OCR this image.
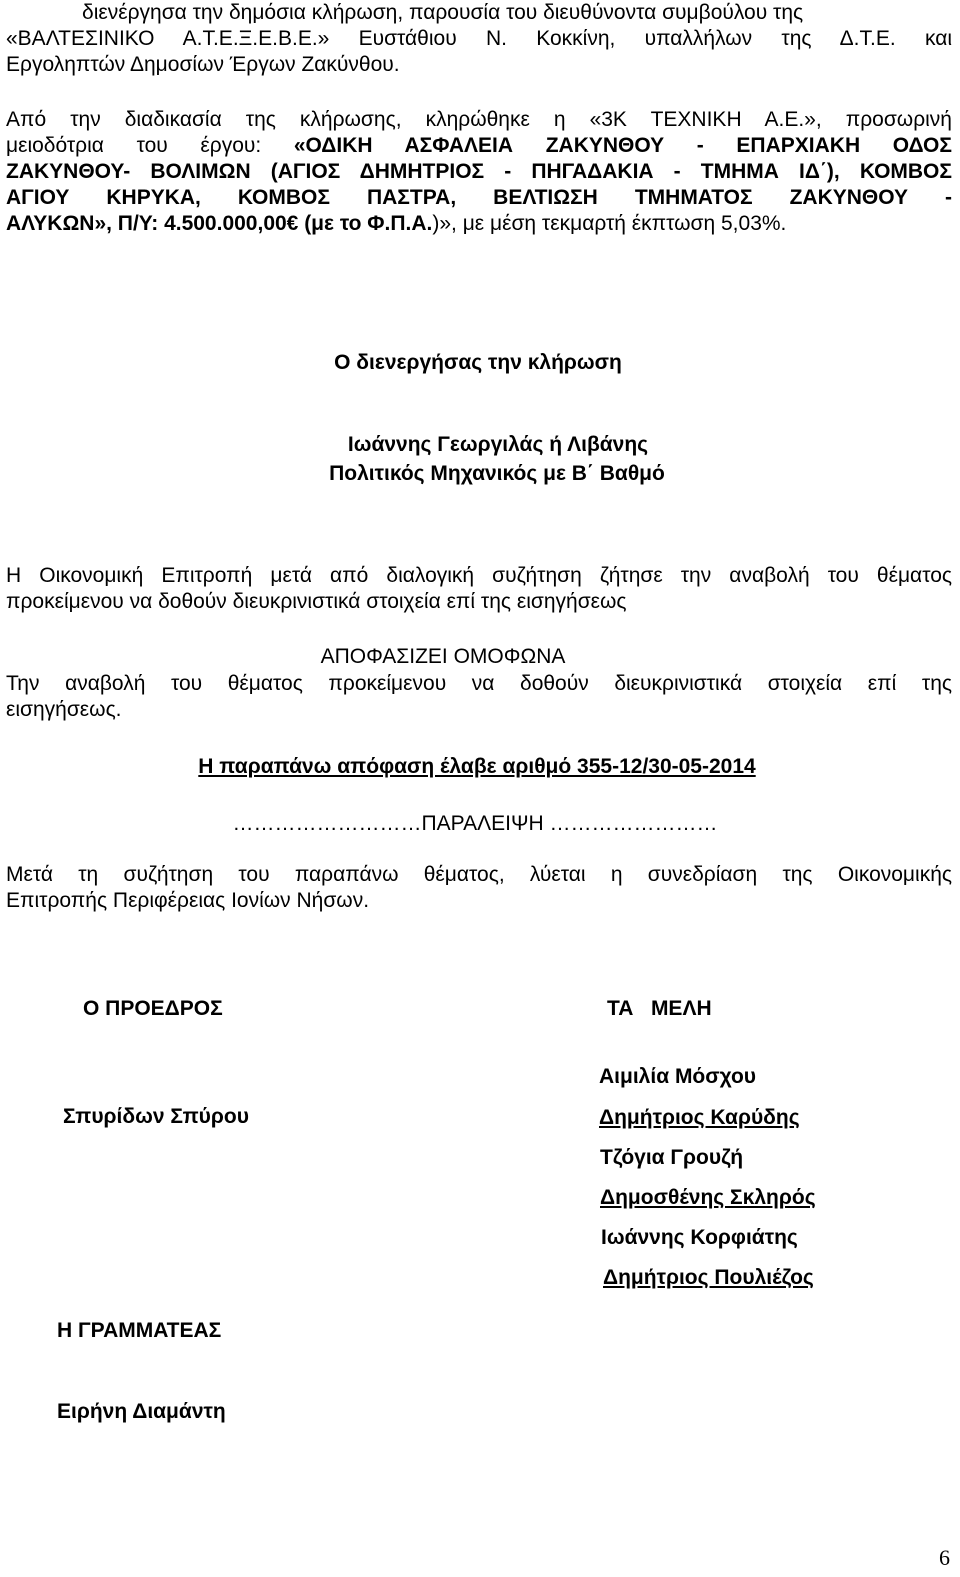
διενέργησα την δημόσια κλήρωση, παρουσία του διευθύνοντα συμβούλου της
«ΒΑΛΤΕΣΙΝΙΚΟ Α.Τ.Ε.Ξ.Ε.Β.Ε.» Ευστάθιου Ν. Κοκκίνη, υπαλλήλων της Δ.Τ.Ε. και
Εργοληπτών Δημοσίων Έργων Ζακύνθου.
Από την διαδικασία της κλήρωσης, κληρώθηκε η «3Κ ΤΕΧΝΙΚΗ Α.Ε.», προσωρινή
μειοδότρια του έργου: «ΟΔΙΚΗ ΑΣΦΑΛΕΙΑ ΖΑΚΥΝΘΟΥ - ΕΠΑΡΧΙΑΚΗ ΟΔΟΣ
ΖΑΚΥΝΘΟΥ- ΒΟΛΙΜΩΝ (ΑΓΙΟΣ ΔΗΜΗΤΡΙΟΣ - ΠΗΓΑΔΑΚΙΑ - ΤΜΗΜΑ ΙΔ΄), ΚΟΜΒΟΣ
ΑΓΙΟΥ ΚΗΡΥΚΑ, ΚΟΜΒΟΣ ΠΑΣΤΡΑ, ΒΕΛΤΙΩΣΗ ΤΜΗΜΑΤΟΣ ΖΑΚΥΝΘΟΥ -
ΑΛΥΚΩΝ», Π/Υ: 4.500.000,00€ (με το Φ.Π.Α.)», με μέση τεκμαρτή έκπτωση 5,03%.
Ο διενεργήσας την κλήρωση
Ιωάννης Γεωργιλάς ή Λιβάνης
Πολιτικός Μηχανικός με Β΄ Βαθμό
Η Οικονομική Επιτροπή μετά από διαλογική συζήτηση ζήτησε την αναβολή του θέματος
προκείμενου να δοθούν διευκρινιστικά στοιχεία επί της εισηγήσεως
ΑΠΟΦΑΣΙΖΕΙ ΟΜΟΦΩΝΑ
Την αναβολή του θέματος προκείμενου να δοθούν διευκρινιστικά στοιχεία επί της
εισηγήσεως.
Η παραπάνω απόφαση έλαβε αριθμό 355-12/30-05-2014
………………………ΠΑΡΑΛΕΙΨΗ ……………………
Μετά τη συζήτηση του παραπάνω θέματος, λύεται η συνεδρίαση της Οικονομικής
Επιτροπής Περιφέρειας Ιονίων Νήσων.
Ο ΠΡΟΕΔΡΟΣ
Σπυρίδων Σπύρου
ΤΑ   ΜΕΛΗ
Αιμιλία Μόσχου
Δημήτριος Καρύδης
Τζόγια Γρουζή
Δημοσθένης Σκληρός
Ιωάννης Κορφιάτης
Δημήτριος Πουλιέζος
Η ΓΡΑΜΜΑΤΕΑΣ
Ειρήνη Διαμάντη
6
